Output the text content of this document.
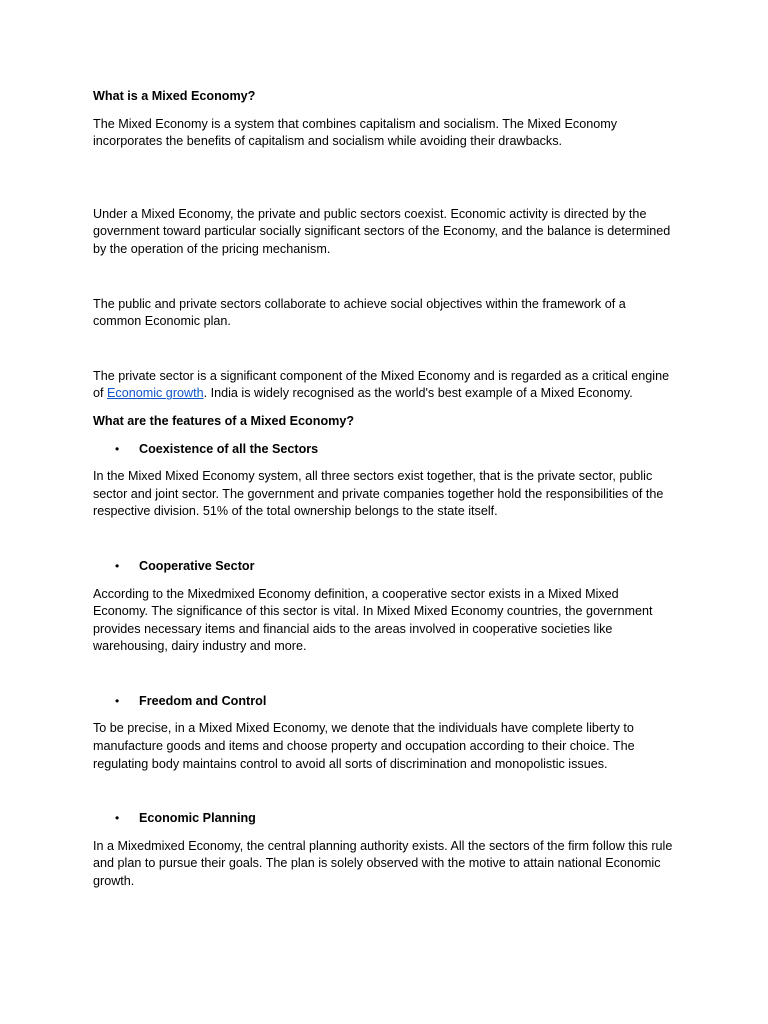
What is a Mixed Economy?

The Mixed Economy is a system that combines capitalism and socialism. The Mixed Economy incorporates the benefits of capitalism and socialism while avoiding their drawbacks.

Under a Mixed Economy, the private and public sectors coexist. Economic activity is directed by the government toward particular socially significant sectors of the Economy, and the balance is determined by the operation of the pricing mechanism.

The public and private sectors collaborate to achieve social objectives within the framework of a common Economic plan.

The private sector is a significant component of the Mixed Economy and is regarded as a critical engine of Economic growth. India is widely recognised as the world's best example of a Mixed Economy.

What are the features of a Mixed Economy?

•	Coexistence of all the Sectors

In the Mixed Mixed Economy system, all three sectors exist together, that is the private sector, public sector and joint sector. The government and private companies together hold the responsibilities of the respective division. 51% of the total ownership belongs to the state itself.

•	Cooperative Sector

According to the Mixedmixed Economy definition, a cooperative sector exists in a Mixed Mixed Economy. The significance of this sector is vital. In Mixed Mixed Economy countries, the government provides necessary items and financial aids to the areas involved in cooperative societies like warehousing, dairy industry and more.

•	Freedom and Control

To be precise, in a Mixed Mixed Economy, we denote that the individuals have complete liberty to manufacture goods and items and choose property and occupation according to their choice. The regulating body maintains control to avoid all sorts of discrimination and monopolistic issues.

•	Economic Planning

In a Mixedmixed Economy, the central planning authority exists. All the sectors of the firm follow this rule and plan to pursue their goals. The plan is solely observed with the motive to attain national Economic growth.
